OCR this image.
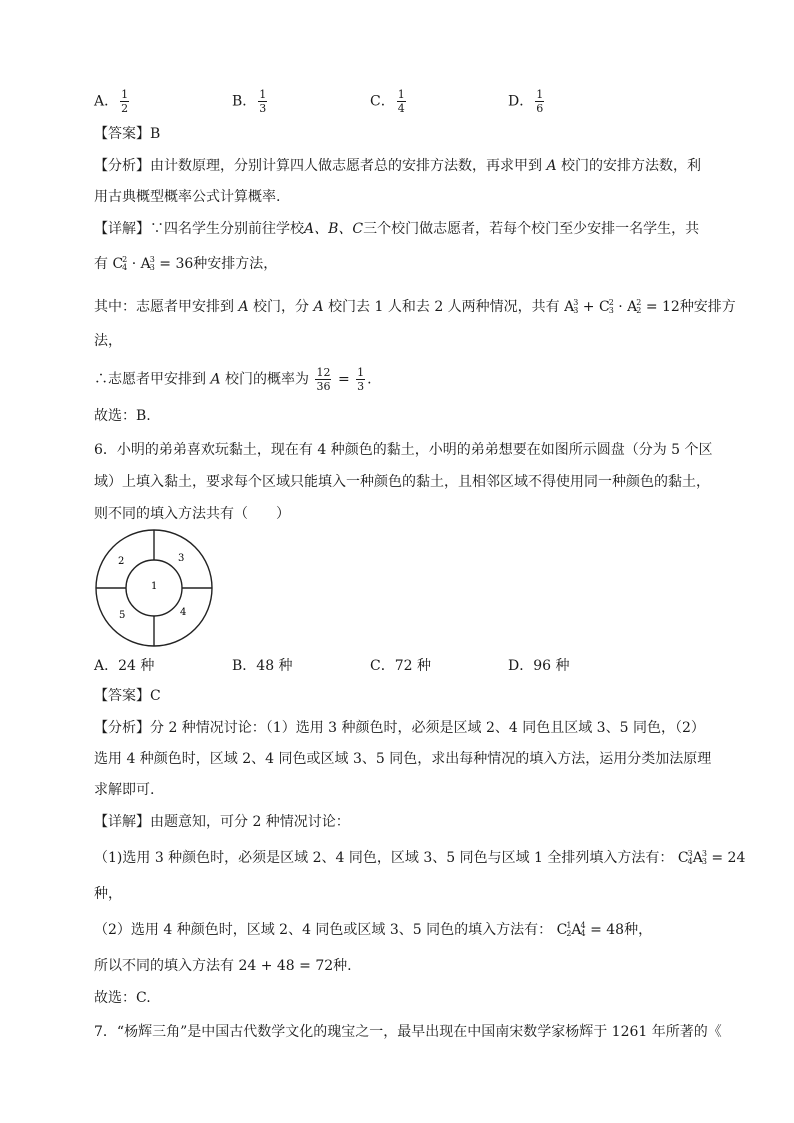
A． $\frac{1}{2}$	B． $\frac{1}{3}$	C． $\frac{1}{4}$	D． $\frac{1}{6}$
【答案】B
【分析】由计数原理，分别计算四人做志愿者总的安排方法数，再求甲到 A 校门的安排方法数，利
用古典概型概率公式计算概率.
【详解】∵四名学生分别前往学校A、B、C三个校门做志愿者，若每个校门至少安排一名学生，共
有 C 2
4 · A 3
3 = 36种安排方法，
其中：志愿者甲安排到 A 校门，分 A 校门去 1 人和去 2 人两种情况，共有 A 3
3 + C 2
3 · A 2
2 = 12种安排方
法，
∴志愿者甲安排到 A 校门的概率为 $\frac{12}{36} = \frac{1}{3}$ .
故选：B.
6．小明的弟弟喜欢玩黏土，现在有 4 种颜色的黏土，小明的弟弟想要在如图所示圆盘（分为 5 个区
域）上填入黏土，要求每个区域只能填入一种颜色的黏土，且相邻区域不得使用同一种颜色的黏土，
则不同的填入方法共有（　　）
1
2	3
4
5
A．24 种	B．48 种	C．72 种	D．96 种
【答案】C
【分析】分 2 种情况讨论：（1）选用 3 种颜色时，必须是区域 2、4 同色且区域 3、5 同色，（2）
选用 4 种颜色时，区域 2、4 同色或区域 3、5 同色，求出每种情况的填入方法，运用分类加法原理
求解即可.
【详解】由题意知，可分 2 种情况讨论：
（1)选用 3 种颜色时，必须是区域 2、4 同色，区域 3、5 同色与区域 1 全排列填入方法有： C 3
4 A 3
3 = 24
种，
（2）选用 4 种颜色时，区域 2、4 同色或区域 3、5 同色的填入方法有： C 1
2 A 4
4 = 48种，
所以不同的填入方法有 24 + 48 = 72种.
故选：C.
7．“杨辉三角”是中国古代数学文化的瑰宝之一，最早出现在中国南宋数学家杨辉于 1261 年所著的《
